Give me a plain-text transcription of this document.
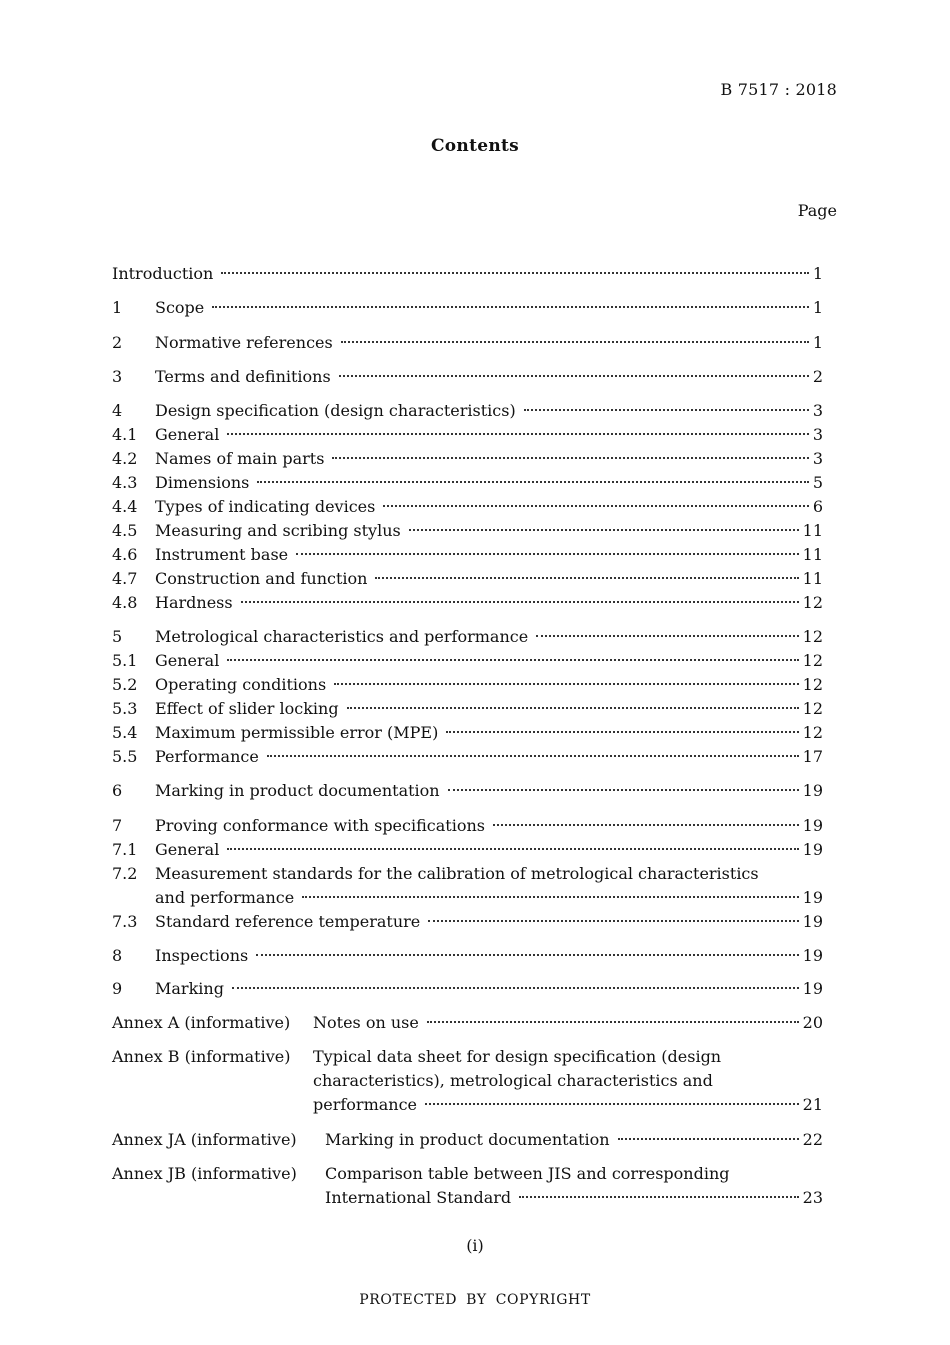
B 7517 : 2018
Contents
Page
Introduction	1
1	Scope	1
2	Normative references	1
3	Terms and definitions	2
4	Design specification (design characteristics)	3
4.1	General	3
4.2	Names of main parts	3
4.3	Dimensions	5
4.4	Types of indicating devices	6
4.5	Measuring and scribing stylus	11
4.6	Instrument base	11
4.7	Construction and function	11
4.8	Hardness	12
5	Metrological characteristics and performance	12
5.1	General	12
5.2	Operating conditions	12
5.3	Effect of slider locking	12
5.4	Maximum permissible error (MPE)	12
5.5	Performance	17
6	Marking in product documentation	19
7	Proving conformance with specifications	19
7.1	General	19
7.2	Measurement standards for the calibration of metrological characteristics
and performance	19
7.3	Standard reference temperature	19
8	Inspections	19
9	Marking	19
Annex A (informative)	Notes on use	20
Annex B (informative)	Typical data sheet for design specification (design
characteristics), metrological characteristics and
performance	21
Annex JA (informative)	Marking in product documentation	22
Annex JB (informative)	Comparison table between JIS and corresponding
International Standard	23
(i)
PROTECTED BY COPYRIGHT
